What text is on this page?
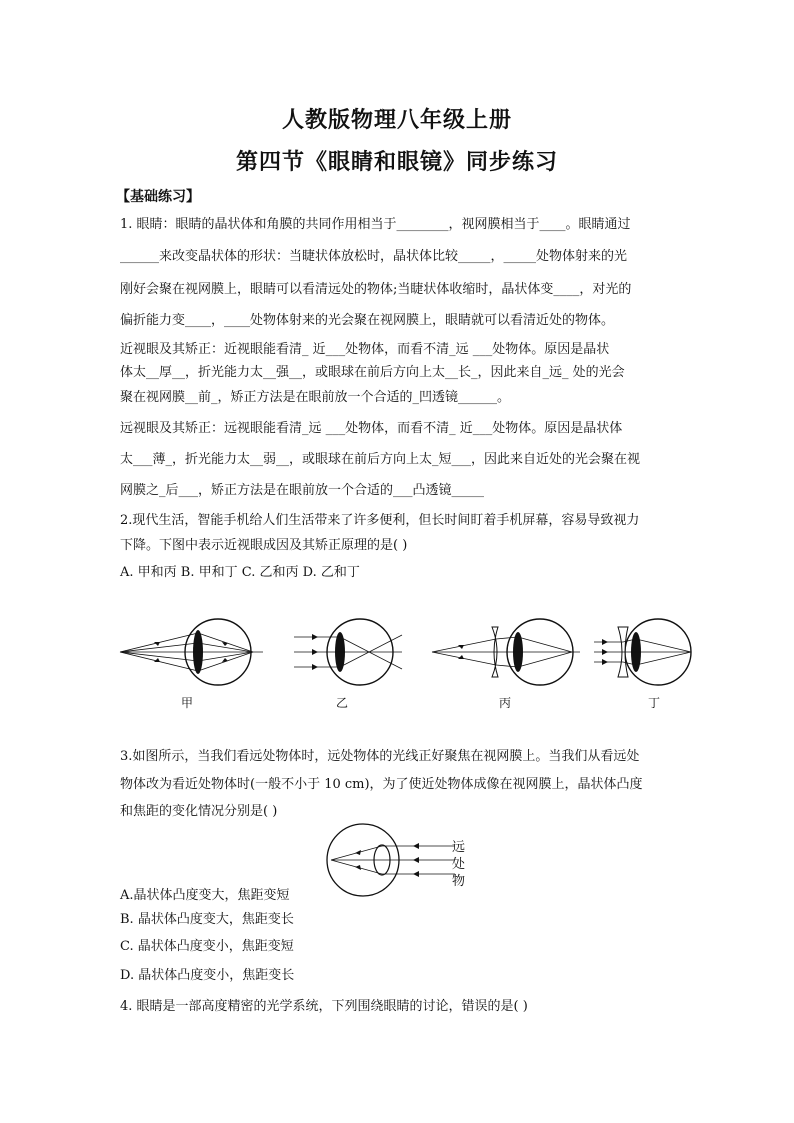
人教版物理八年级上册
第四节《眼睛和眼镜》同步练习
【基础练习】
1. 眼睛：眼睛的晶状体和角膜的共同作用相当于________，视网膜相当于____。眼睛通过
______来改变晶状体的形状：当睫状体放松时，晶状体比较_____，_____处物体射来的光
刚好会聚在视网膜上，眼睛可以看清远处的物体;当睫状体收缩时，晶状体变____，对光的
偏折能力变____，____处物体射来的光会聚在视网膜上，眼睛就可以看清近处的物体。
近视眼及其矫正：近视眼能看清_ 近___处物体，而看不清_远 ___处物体。原因是晶状
体太__厚__，折光能力太__强__，或眼球在前后方向上太__长_，因此来自_远_ 处的光会
聚在视网膜__前_，矫正方法是在眼前放一个合适的_凹透镜______。
远视眼及其矫正：远视眼能看清_远 ___处物体，而看不清_ 近___处物体。原因是晶状体
太___薄_，折光能力太__弱__，或眼球在前后方向上太_短___，因此来自近处的光会聚在视
网膜之_后___，矫正方法是在眼前放一个合适的___凸透镜_____
2.现代生活，智能手机给人们生活带来了许多便利，但长时间盯着手机屏幕，容易导致视力
下降。下图中表示近视眼成因及其矫正原理的是( )
A. 甲和丙 B. 甲和丁 C. 乙和丙 D. 乙和丁
甲	乙	丙	丁
3.如图所示，当我们看远处物体时，远处物体的光线正好聚焦在视网膜上。当我们从看远处
物体改为看近处物体时(一般不小于 10 cm)，为了使近处物体成像在视网膜上，晶状体凸度
和焦距的变化情况分别是( )
远
处
物
A.晶状体凸度变大，焦距变短
B. 晶状体凸度变大，焦距变长
C. 晶状体凸度变小，焦距变短
D. 晶状体凸度变小，焦距变长
4. 眼睛是一部高度精密的光学系统，下列围绕眼睛的讨论，错误的是( )
